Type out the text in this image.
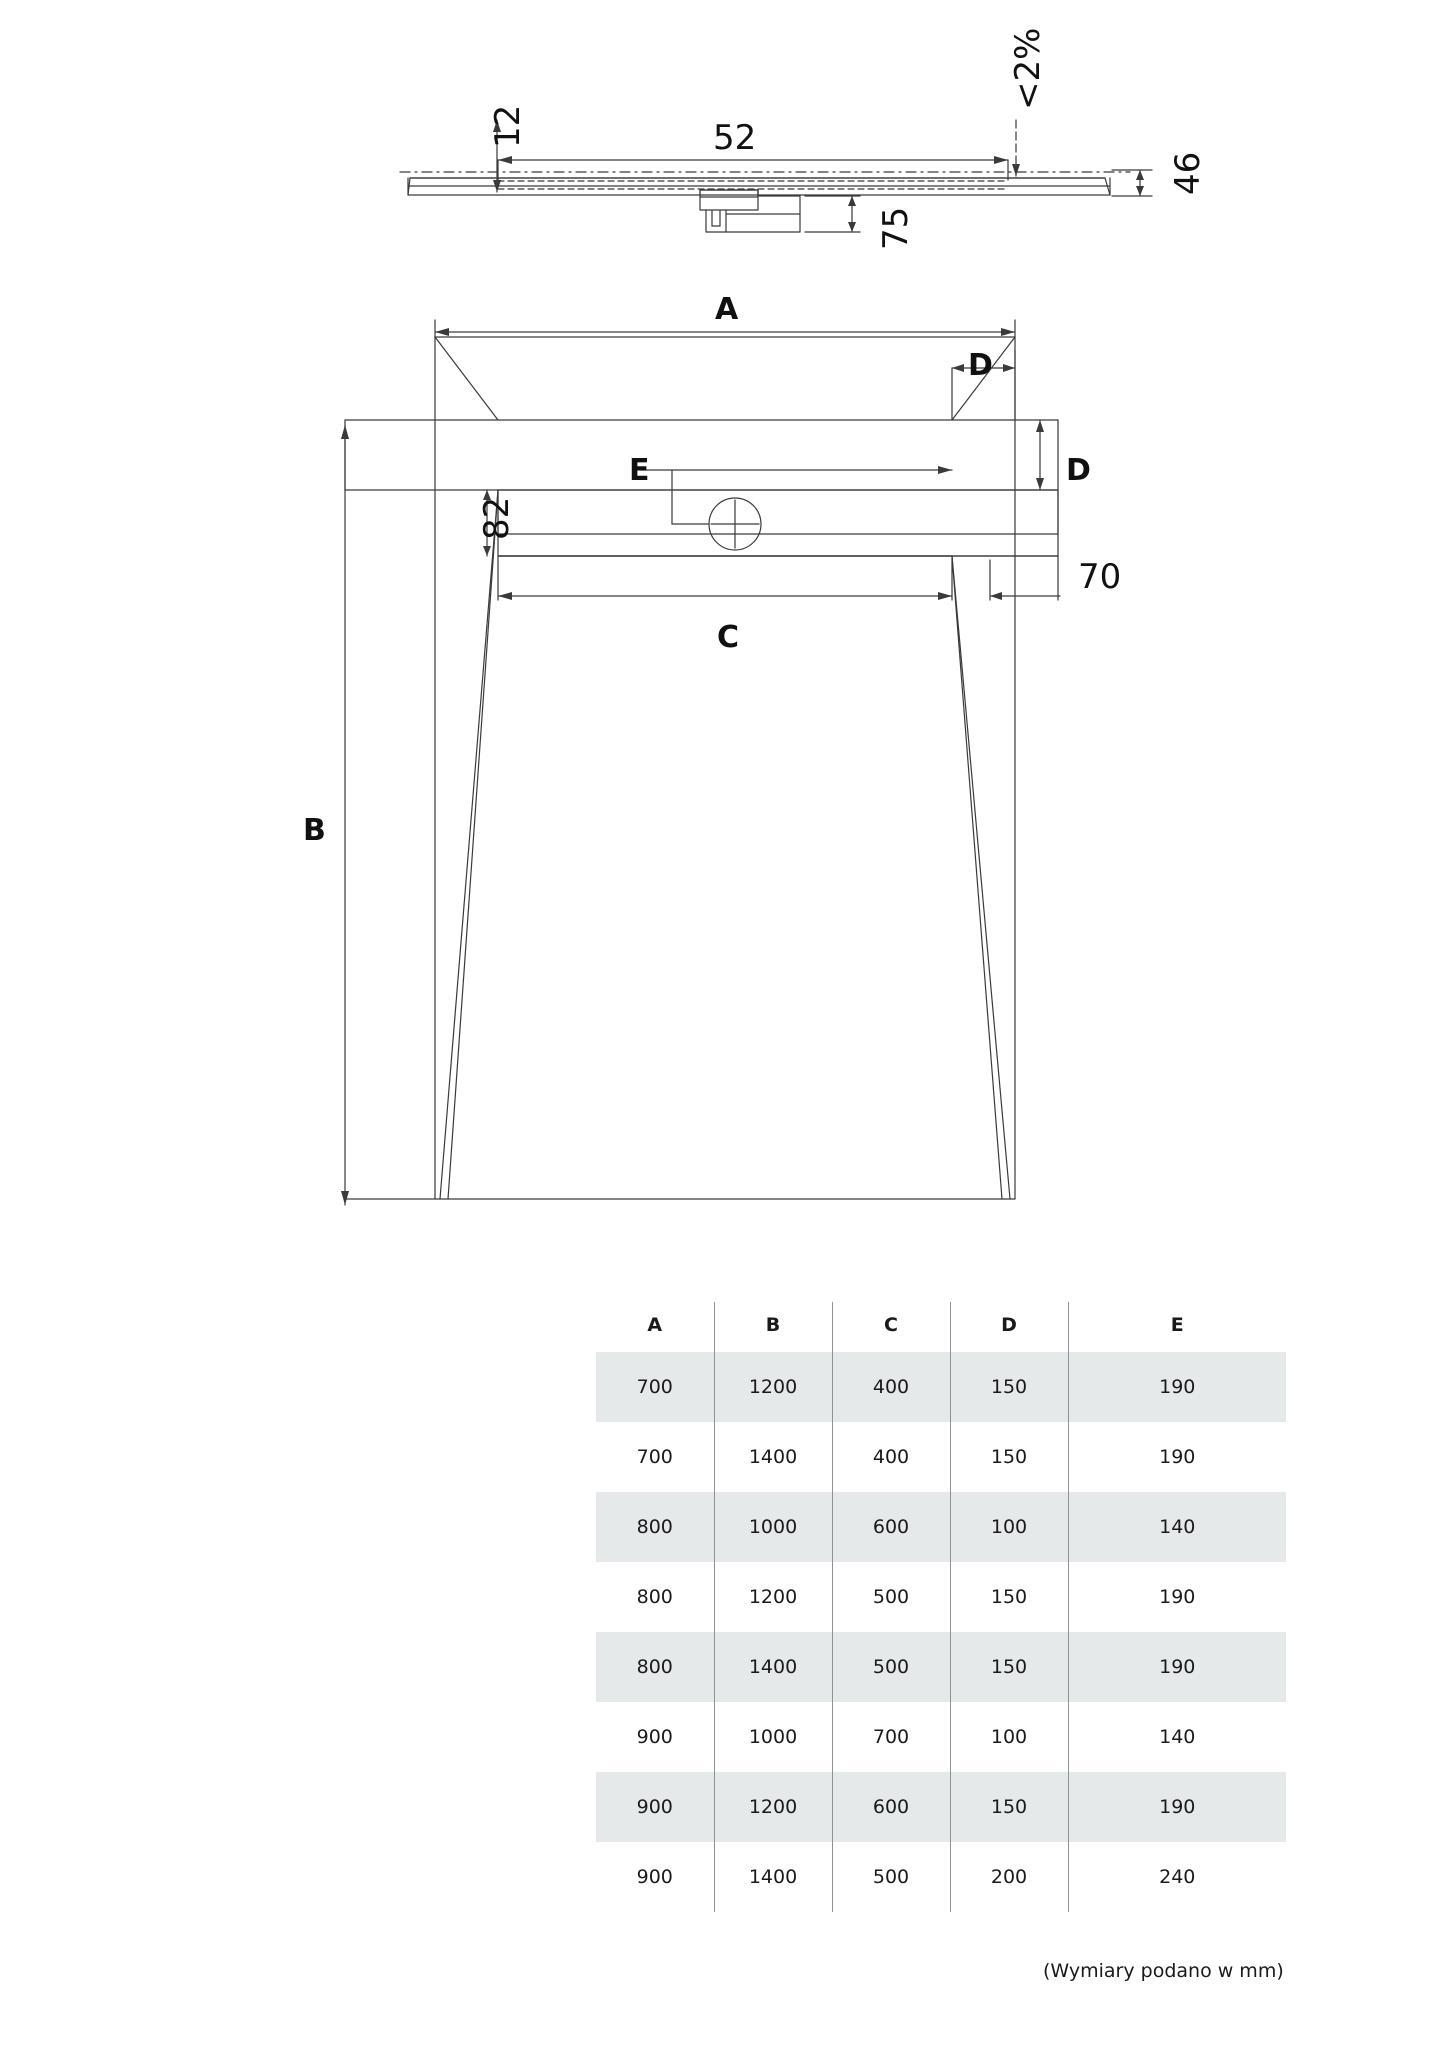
12	52
<2%
46
75
A
B
C
D
D
E
82
70
A	B	C	D	E
700	1200	400	150	190
700	1400	400	150	190
800	1000	600	100	140
800	1200	500	150	190
800	1400	500	150	190
900	1000	700	100	140
900	1200	600	150	190
900	1400	500	200	240
(Wymiary podano w mm)
